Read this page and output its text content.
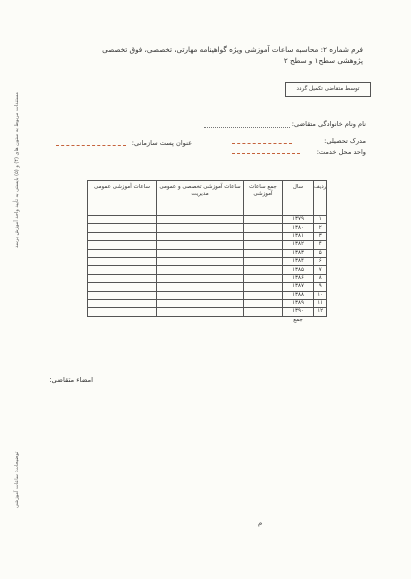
فرم شماره ۲: محاسبه ساعات آموزشی ویژه گواهینامه مهارتی، تخصصی، فوق تخصصی
پژوهشی سطح۱ و سطح ۲
توسط متقاضی تکمیل گردد
مستندات مربوط به ستون های (۴) و (۵) بایستی به تأیید واحد آموزش برسد
توضیحات: ساعات آموزشی
نام ونام خانوادگی متقاضی:
مدرک تحصیلی:
عنوان پست سازمانی:
واحد محل خدمت:
ردیف	سال	جمع ساعات آموزشی	ساعات آموزشی تخصصی و عمومی مدیریت	ساعات آموزشی عمومی
۱	۱۳۷۹			
۲	۱۳۸۰			
۳	۱۳۸۱			
۴	۱۳۸۲			
۵	۱۳۸۳			
۶	۱۳۸۴			
۷	۱۳۸۵			
۸	۱۳۸۶			
۹	۱۳۸۷			
۱۰	۱۳۸۸			
۱۱	۱۳۸۹			
۱۲	۱۳۹۰			
	جمع			
امضاء متقاضی:
م
